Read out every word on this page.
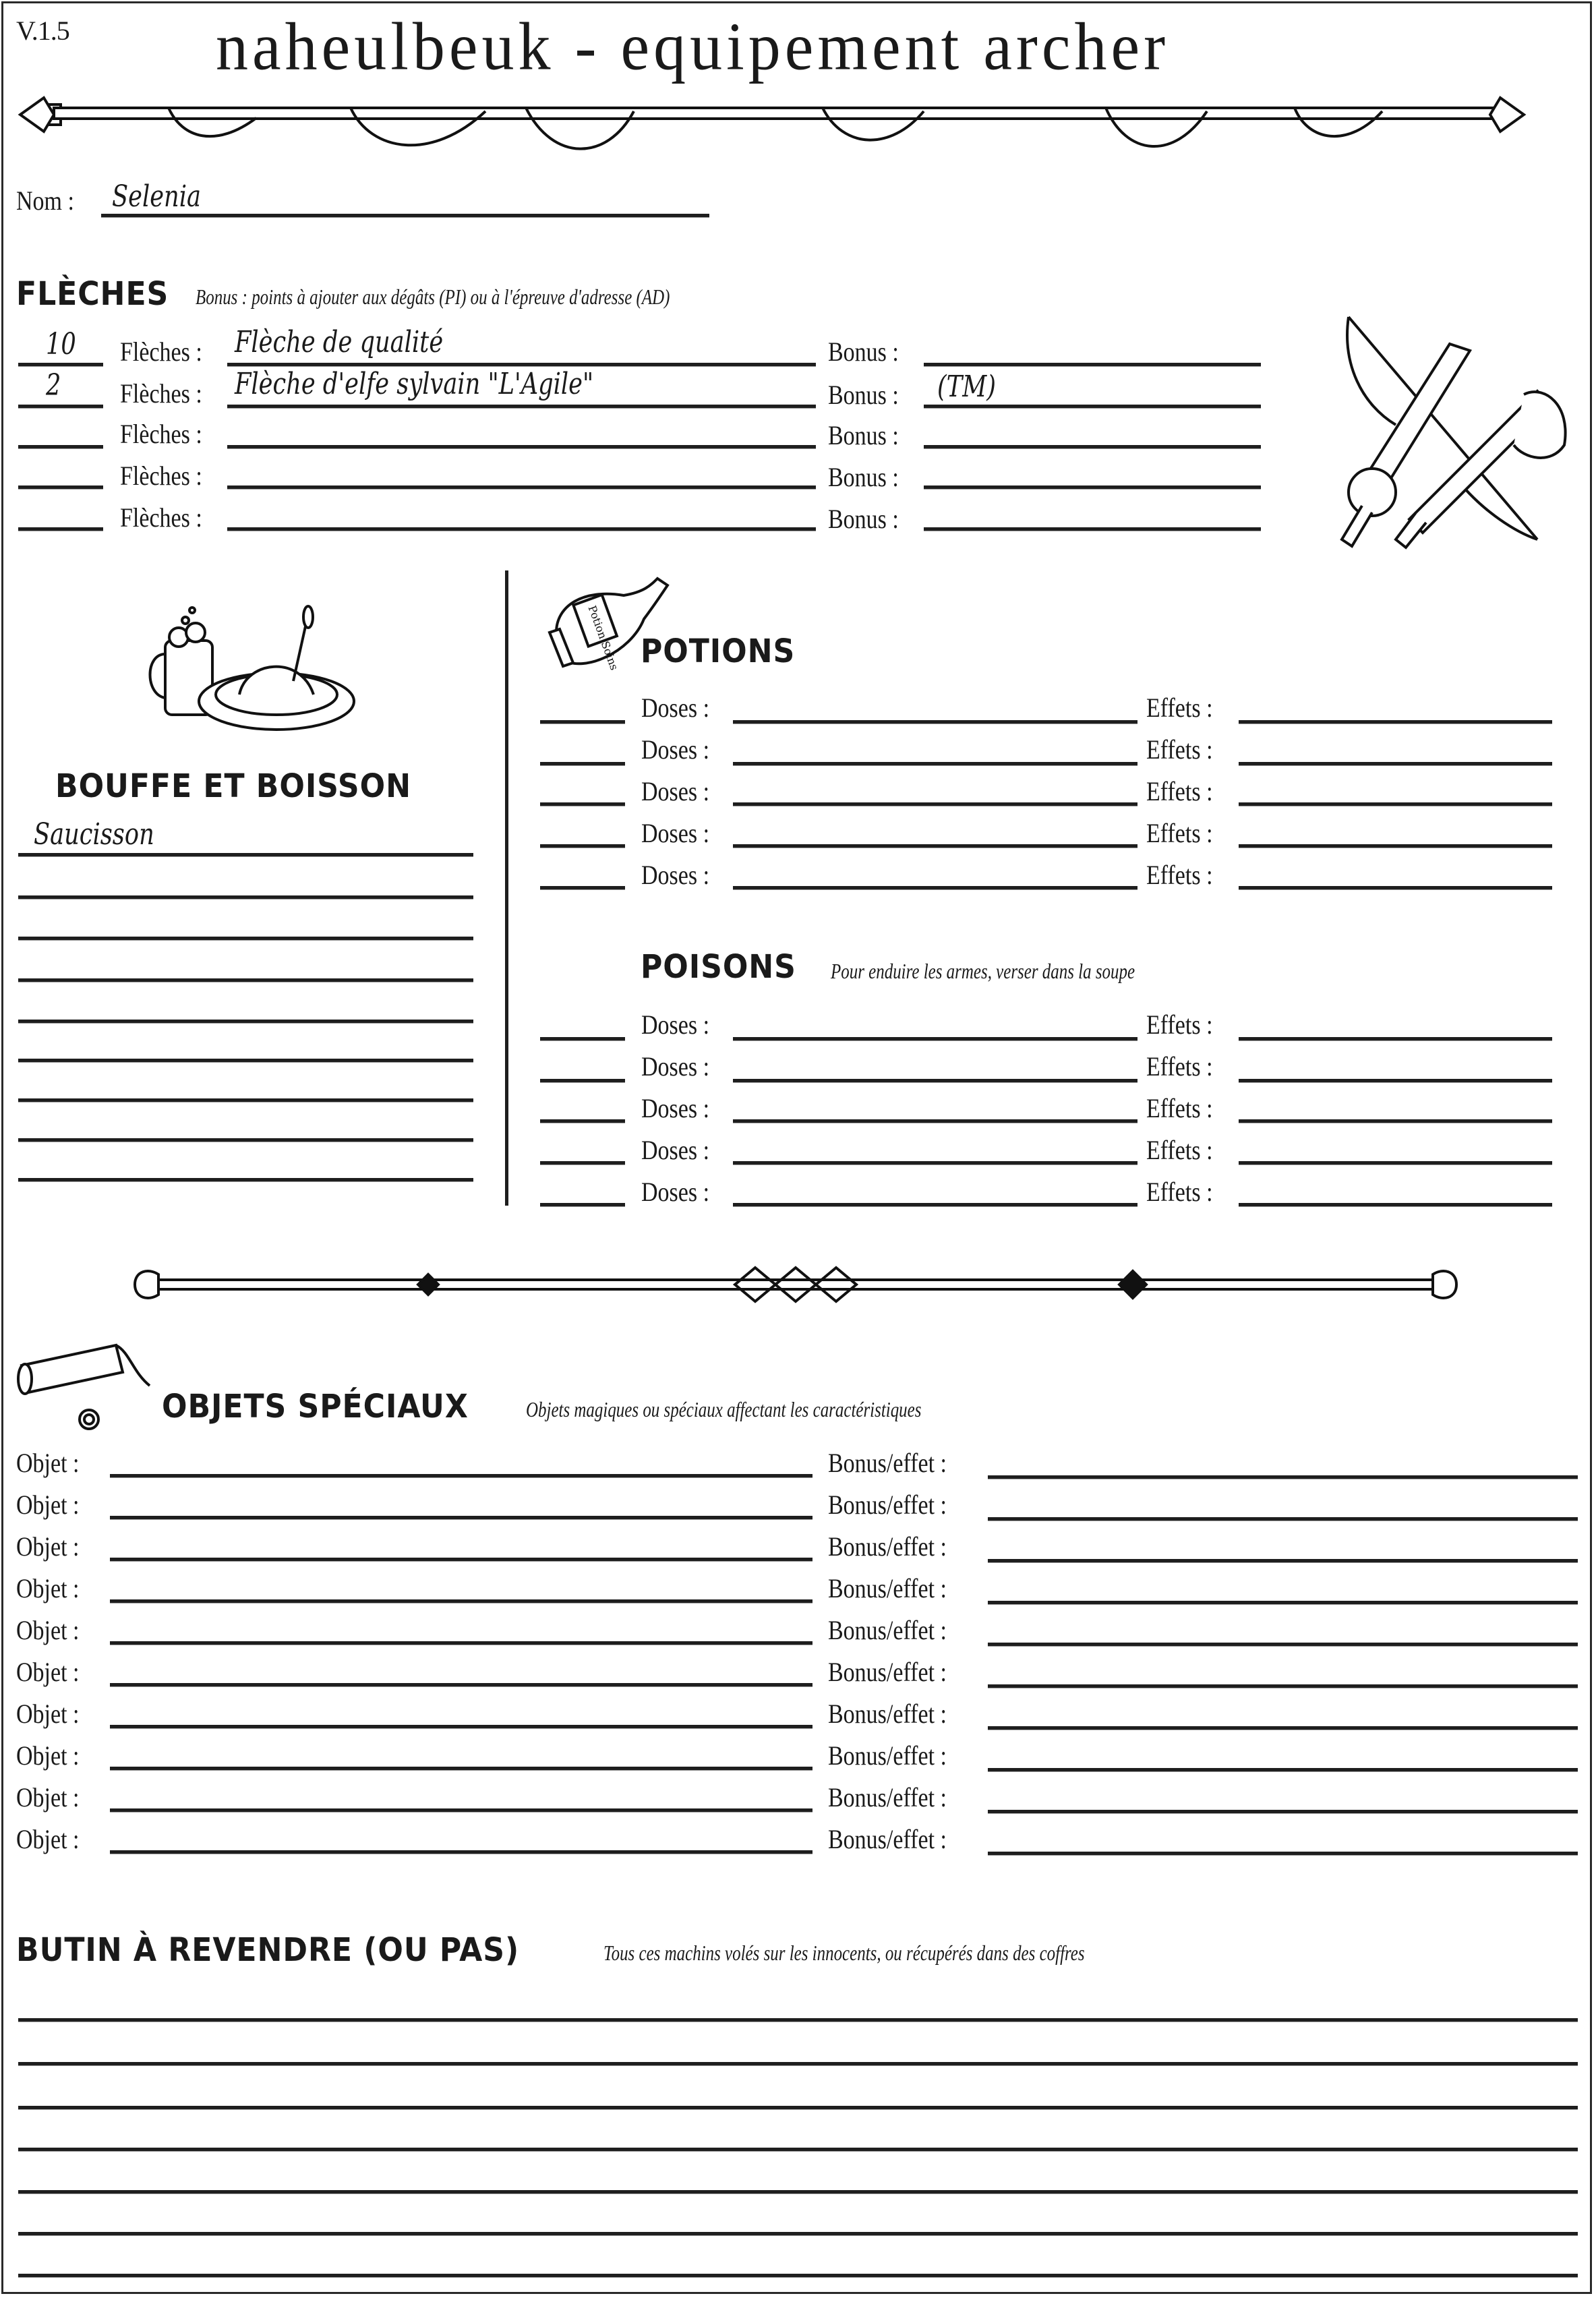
V.1.5 naheulbeuk - equipement archer
Nom : Selenia
FLÈCHES Bonus : points à ajouter aux dégâts (PI) ou à l'épreuve d'adresse (AD)
10 Flèches : Flèche de qualité	Bonus :
2 Flèches : Flèche d'elfe sylvain "L'Agile"	Bonus : (TM)
Flèches :	Bonus :
Flèches :	Bonus :
Flèches :	Bonus :
BOUFFE ET BOISSON
Saucisson
Potion Soins POTIONS
Doses :	Effets :
Doses :	Effets :
Doses :	Effets :
Doses :	Effets :
Doses :	Effets :
POISONS Pour enduire les armes, verser dans la soupe
Doses :	Effets :
Doses :	Effets :
Doses :	Effets :
Doses :	Effets :
Doses :	Effets :
OBJETS SPÉCIAUX	Objets magiques ou spéciaux affectant les caractéristiques
Objet :	Bonus/effet :
Objet :	Bonus/effet :
Objet :	Bonus/effet :
Objet :	Bonus/effet :
Objet :	Bonus/effet :
Objet :	Bonus/effet :
Objet :	Bonus/effet :
Objet :	Bonus/effet :
Objet :	Bonus/effet :
Objet :	Bonus/effet :
BUTIN À REVENDRE (OU PAS)	Tous ces machins volés sur les innocents, ou récupérés dans des coffres
